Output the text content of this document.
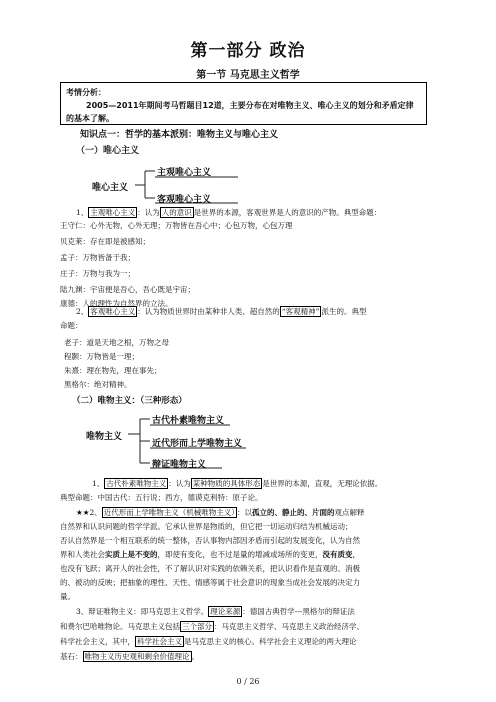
第一部分 政治
第一节 马克思主义哲学
考情分析：
2005—2011年期间考马哲题目12道，主要分布在对唯物主义、唯心主义的划分和矛盾定律的基本了解。
知识点一：哲学的基本派别：唯物主义与唯心主义
（一）唯心主义
唯心主义
主观唯心主义
客观唯心主义
1、 主观唯心主义 ：认为 人的意识 是世界的本源，客观世界是人的意识的产物。典型命题：
王守仁：心外无物，心外无理；万物皆在吾心中；心包万物，心包万理
贝克莱：存在即是被感知；
孟子：万物皆备于我；
庄子：万物与我为一；
陆九渊：宇宙便是吾心，吾心既是宇宙；
康德：人的理性为自然界的立法。
2、 客观唯心主义 ：认为物质世界时由某种非人类、超自然的 “客观精神” 派生的。典型
命题：
老子：道是天地之根，万物之母
程颢：万物皆是一理；
朱熹：理在物先，理在事先；
黑格尔：绝对精神。
（二）唯物主义：（三种形态）
唯物主义
古代朴素唯物主义
近代形而上学唯物主义
辩证唯物主义
1、 古代朴素唯物主义 ：认为 某种物质的具体形态 是世界的本源，直观，无理论依据。
典型命题：中国古代：五行说；西方，德谟克利特：原子论。
★★2、 近代形而上学唯物主义（机械唯物主义） ：以孤立的、静止的、片面的观点解释
自然界和认识问题的哲学学派。它承认世界是物质的，但它把一切运动归结为机械运动；
否认自然界是一个相互联系的统一整体，否认事物内部因矛盾而引起的发展变化，认为自然
界和人类社会实质上是不变的，即使有变化，也不过是量的增减或场所的变更，没有质变，
也没有飞跃；离开人的社会性，不了解认识对实践的依赖关系，把认识看作是直观的、消极
的、被动的反映；把抽象的理性、天性、情感等属于社会意识的现象当成社会发展的决定力
量。
3、辩证唯物主义：即马克思主义哲学。 理论来源 ：德国古典哲学---黑格尔的辩证法
和费尔巴哈唯物论。马克思主义包括 三个部分 ：马克思主义哲学、马克思主义政治经济学、
科学社会主义，其中， 科学社会主义 是马克思主义的核心。科学社会主义理论的两大理论
基石： 唯物主义历史观和剩余价值理论 。
0 / 26
